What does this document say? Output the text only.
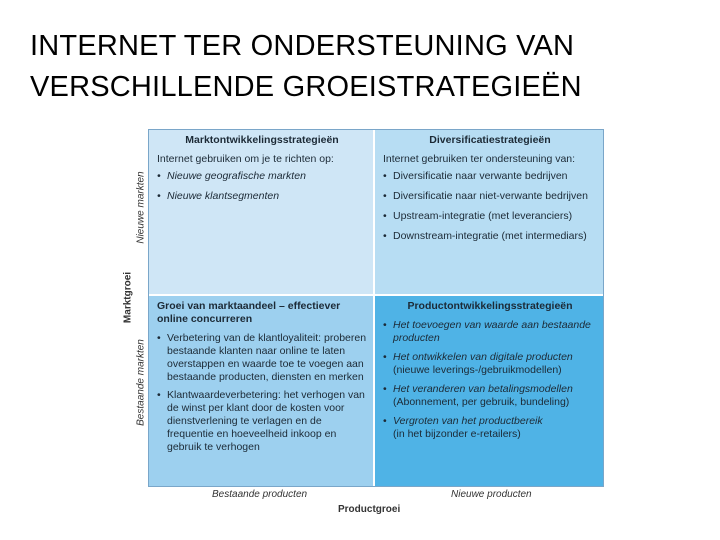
INTERNET TER ONDERSTEUNING VAN
VERSCHILLENDE GROEISTRATEGIEËN
Nieuwe markten
Marktgroei
Bestaande markten
Marktontwikkelingsstrategieën
Internet gebruiken om je te richten op:
• Nieuwe geografische markten
• Nieuwe klantsegmenten
Diversificatiestrategieën
Internet gebruiken ter ondersteuning van:
• Diversificatie naar verwante bedrijven
• Diversificatie naar niet-verwante bedrijven
• Upstream-integratie (met leveranciers)
• Downstream-integratie (met intermediars)
Groei van marktaandeel – effectiever online concurreren
• Verbetering van de klantloyaliteit: proberen bestaande klanten naar online te laten overstappen en waarde toe te voegen aan bestaande producten, diensten en merken
• Klantwaardeverbetering: het verhogen van de winst per klant door de kosten voor dienstverlening te verlagen en de frequentie en hoeveelheid inkoop en gebruik te verhogen
Productontwikkelingsstrategieën
• Het toevoegen van waarde aan bestaande producten
• Het ontwikkelen van digitale producten
(nieuwe leverings-/gebruikmodellen)
• Het veranderen van betalingsmodellen
(Abonnement, per gebruik, bundeling)
• Vergroten van het productbereik
(in het bijzonder e-retailers)
Bestaande producten	Nieuwe producten
Productgroei
